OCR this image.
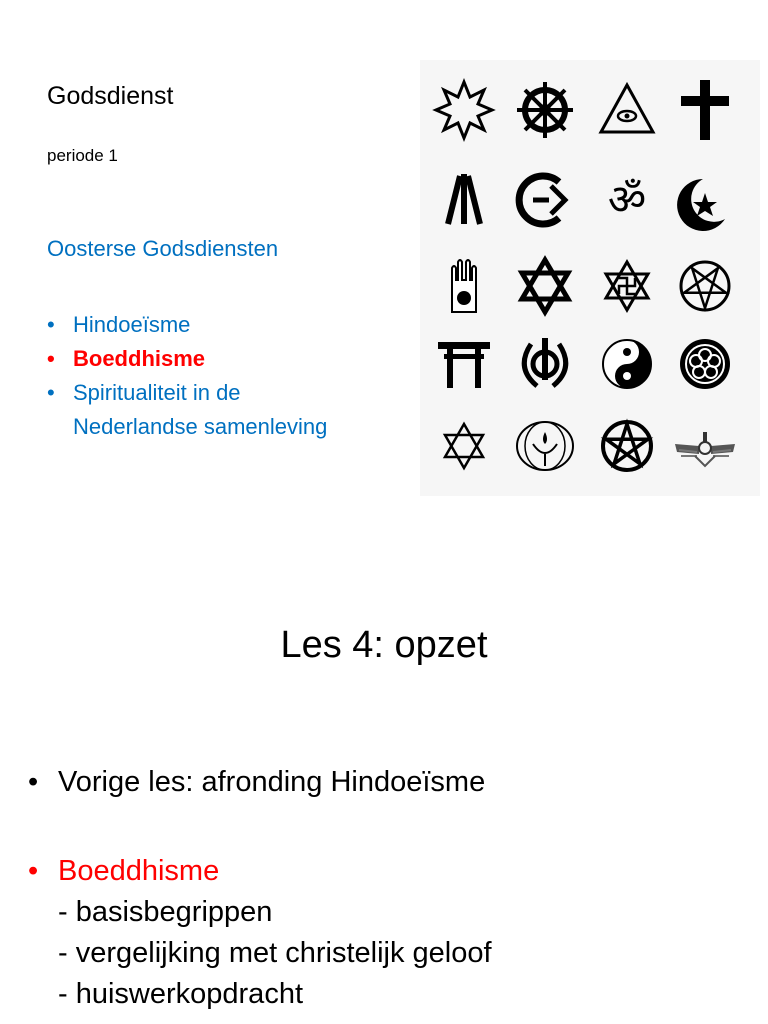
Godsdienst
periode 1
Oosterse Godsdiensten
• Hindoeïsme
• Boeddhisme
• Spiritualiteit in de
Nederlandse samenleving
ॐ
Les 4: opzet
• Vorige les: afronding Hindoeïsme
• Boeddhisme
- basisbegrippen
- vergelijking met christelijk geloof
- huiswerkopdracht
